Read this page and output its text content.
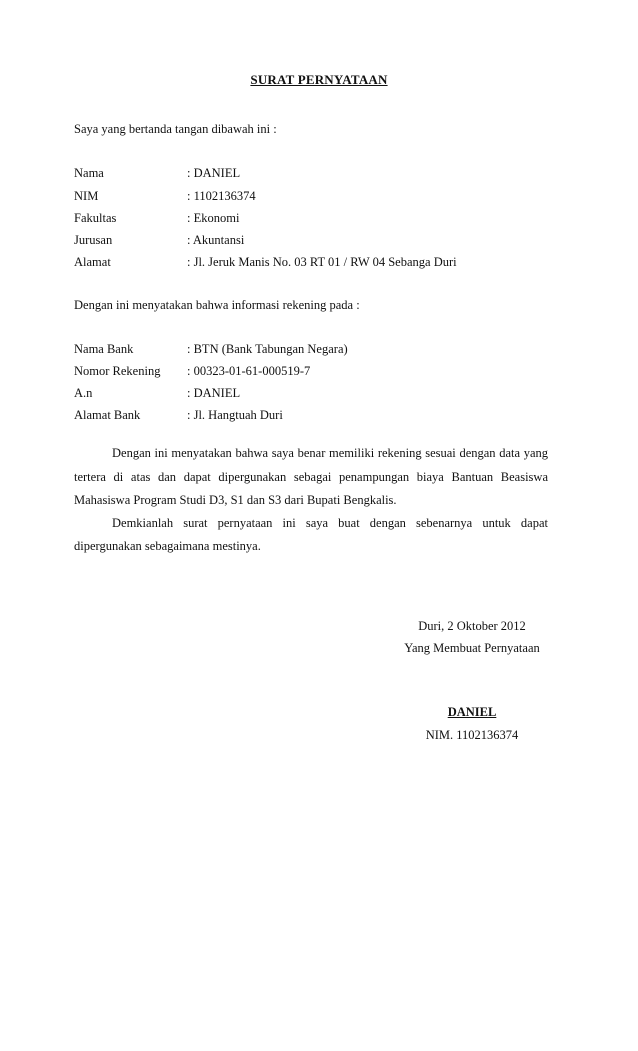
SURAT PERNYATAAN
Saya yang bertanda tangan dibawah ini :
Nama	: DANIEL
NIM	: 1102136374
Fakultas	: Ekonomi
Jurusan	: Akuntansi
Alamat	: Jl. Jeruk Manis No. 03 RT 01 / RW 04 Sebanga Duri
Dengan ini menyatakan bahwa informasi rekening pada :
Nama Bank	: BTN (Bank Tabungan Negara)
Nomor Rekening : 00323-01-61-000519-7
A.n	: DANIEL
Alamat Bank	: Jl. Hangtuah Duri
Dengan ini menyatakan bahwa saya benar memiliki rekening sesuai dengan data yang
tertera di atas dan dapat dipergunakan sebagai penampungan biaya Bantuan Beasiswa
Mahasiswa Program Studi D3, S1 dan S3 dari Bupati Bengkalis.
Demkianlah surat pernyataan ini saya buat dengan sebenarnya untuk dapat
dipergunakan sebagaimana mestinya.
Duri, 2 Oktober 2012
Yang Membuat Pernyataan
DANIEL
NIM. 1102136374
